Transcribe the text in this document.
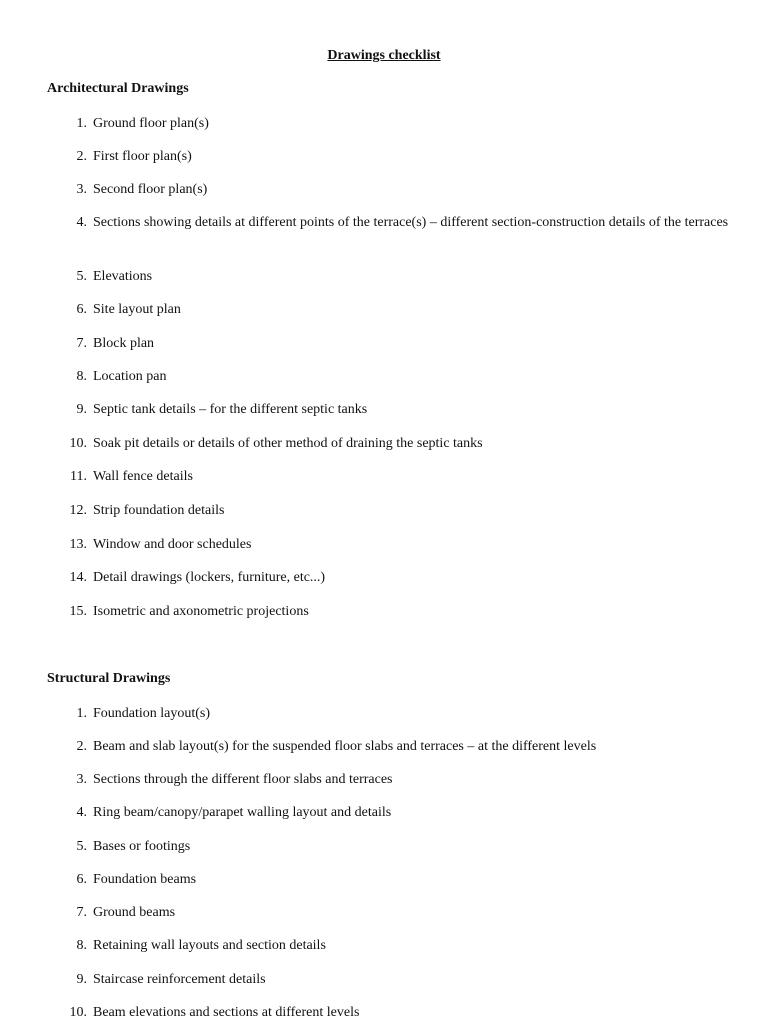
Drawings checklist
Architectural Drawings
1. Ground floor plan(s)
2. First floor plan(s)
3. Second floor plan(s)
4. Sections showing details at different points of the terrace(s) – different section-construction details of the terraces
5. Elevations
6. Site layout plan
7. Block plan
8. Location pan
9. Septic tank details – for the different septic tanks
10. Soak pit details or details of other method of draining the septic tanks
11. Wall fence details
12. Strip foundation details
13. Window and door schedules
14. Detail drawings (lockers, furniture, etc...)
15. Isometric and axonometric projections
Structural Drawings
1. Foundation layout(s)
2. Beam and slab layout(s) for the suspended floor slabs and terraces – at the different levels
3. Sections through the different floor slabs and terraces
4. Ring beam/canopy/parapet walling layout and details
5. Bases or footings
6. Foundation beams
7. Ground beams
8. Retaining wall layouts and section details
9. Staircase reinforcement details
10. Beam elevations and sections at different levels
